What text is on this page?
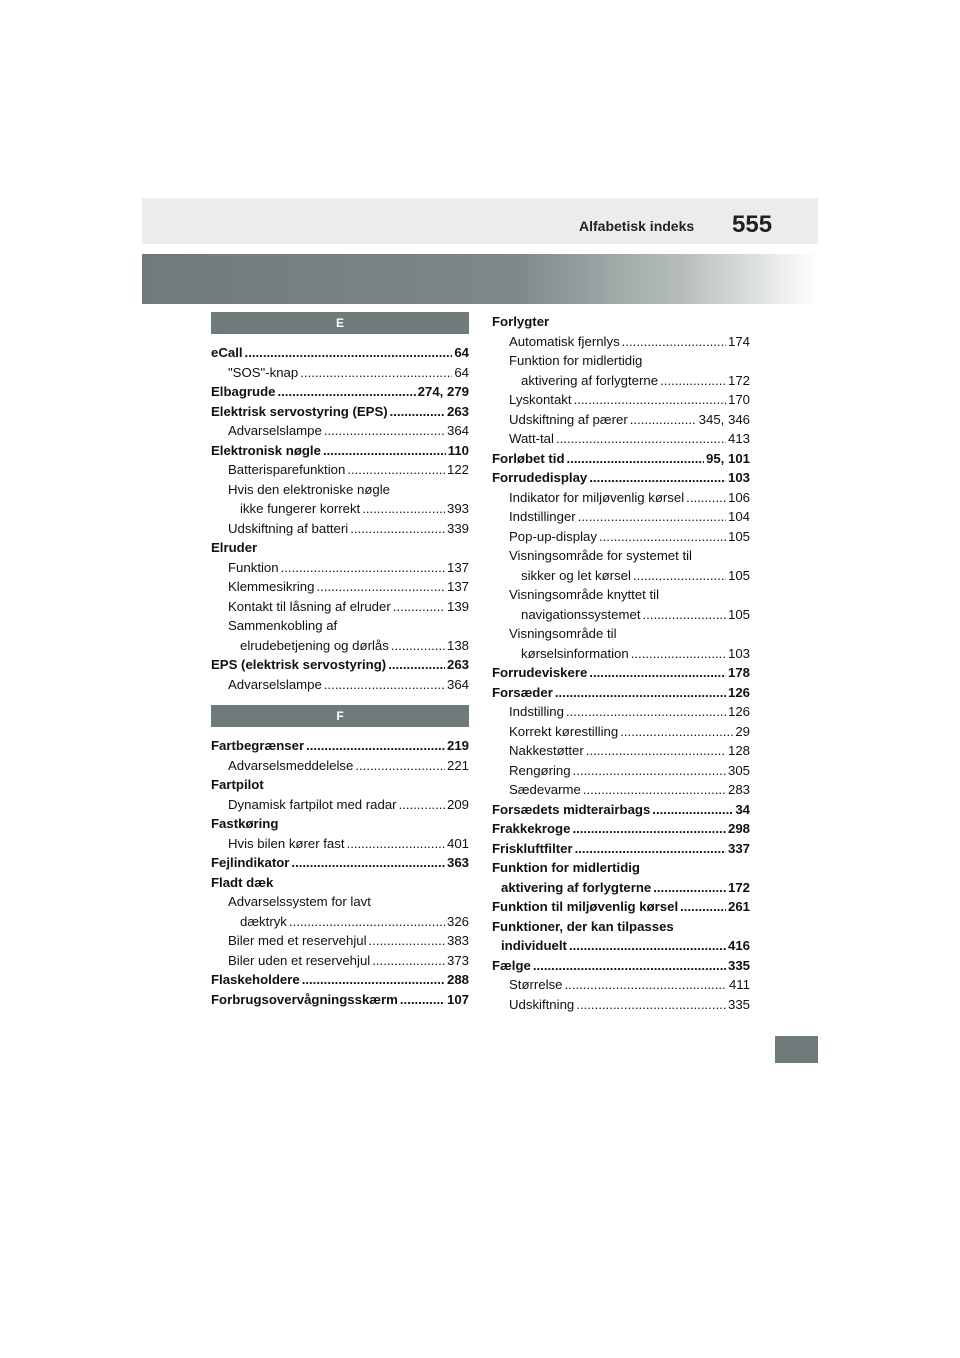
Alfabetisk indeks 555
E
eCall .....	64
"SOS"-knap .....	64
Elbagrude .....	274, 279
Elektrisk servostyring (EPS) .....	263
Advarselslampe .....	364
Elektronisk nøgle .....	110
Batterisparefunktion .....	122
Hvis den elektroniske nøgle
ikke fungerer korrekt .....	393
Udskiftning af batteri .....	339
Elruder
Funktion .....	137
Klemmesikring .....	137
Kontakt til låsning af elruder .....	139
Sammenkobling af
elrudebetjening og dørlås .....	138
EPS (elektrisk servostyring) .....	263
Advarselslampe .....	364
F
Fartbegrænser .....	219
Advarselsmeddelelse .....	221
Fartpilot
Dynamisk fartpilot med radar .....	209
Fastkøring
Hvis bilen kører fast .....	401
Fejlindikator .....	363
Fladt dæk
Advarselssystem for lavt
dæktryk .....	326
Biler med et reservehjul .....	383
Biler uden et reservehjul .....	373
Flaskeholdere .....	288
Forbrugsovervågningsskærm .....	107
Forlygter
Automatisk fjernlys .....	174
Funktion for midlertidig
aktivering af forlygterne .....	172
Lyskontakt .....	170
Udskiftning af pærer .....	345, 346
Watt-tal .....	413
Forløbet tid .....	95, 101
Forrudedisplay .....	103
Indikator for miljøvenlig kørsel .....	106
Indstillinger .....	104
Pop-up-display .....	105
Visningsområde for systemet til
sikker og let kørsel .....	105
Visningsområde knyttet til
navigationssystemet .....	105
Visningsområde til
kørselsinformation .....	103
Forrudeviskere .....	178
Forsæder .....	126
Indstilling .....	126
Korrekt kørestilling .....	29
Nakkestøtter .....	128
Rengøring .....	305
Sædevarme .....	283
Forsædets midterairbags .....	34
Frakkekroge .....	298
Friskluftfilter .....	337
Funktion for midlertidig
aktivering af forlygterne .....	172
Funktion til miljøvenlig kørsel .....	261
Funktioner, der kan tilpasses
individuelt .....	416
Fælge .....	335
Størrelse .....	411
Udskiftning .....	335
